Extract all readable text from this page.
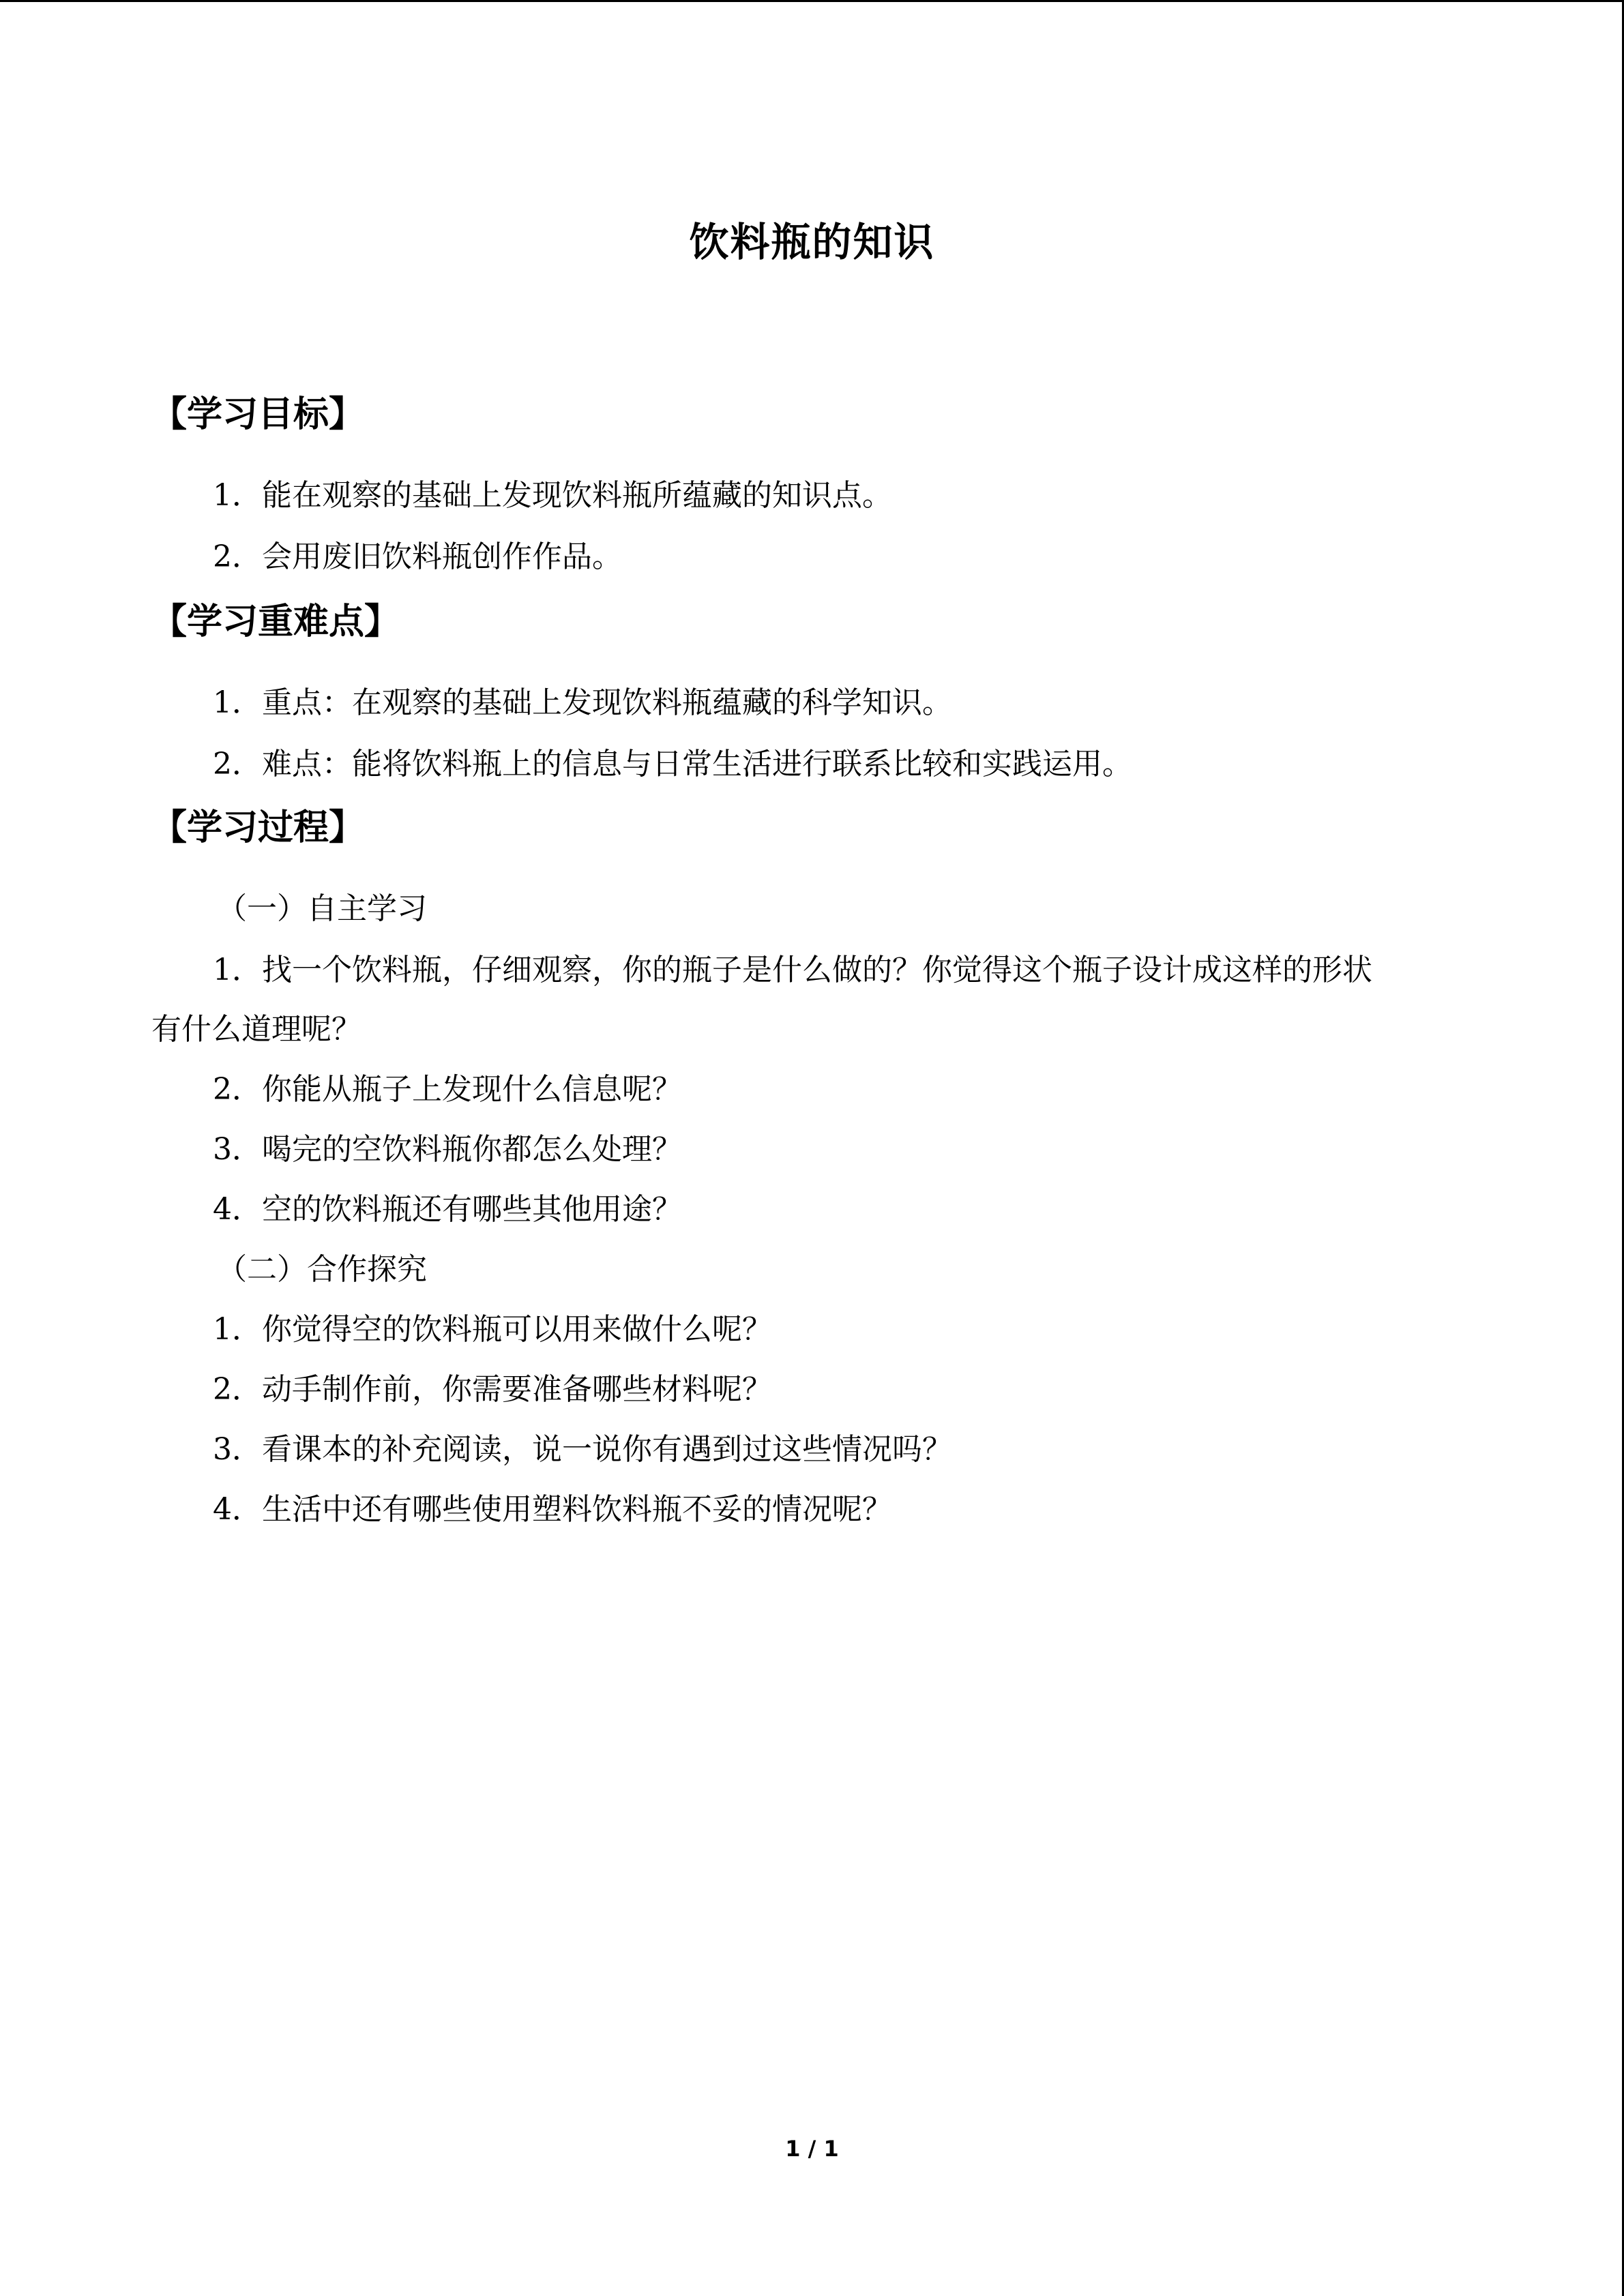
饮料瓶的知识
【学习目标】
1．能在观察的基础上发现饮料瓶所蕴藏的知识点。
2．会用废旧饮料瓶创作作品。
【学习重难点】
1．重点：在观察的基础上发现饮料瓶蕴藏的科学知识。
2．难点：能将饮料瓶上的信息与日常生活进行联系比较和实践运用。
【学习过程】
（一）自主学习
1．找一个饮料瓶，仔细观察，你的瓶子是什么做的？你觉得这个瓶子设计成这样的形状
有什么道理呢？
2．你能从瓶子上发现什么信息呢？
3．喝完的空饮料瓶你都怎么处理？
4．空的饮料瓶还有哪些其他用途？
（二）合作探究
1．你觉得空的饮料瓶可以用来做什么呢？
2．动手制作前，你需要准备哪些材料呢？
3．看课本的补充阅读，说一说你有遇到过这些情况吗？
4．生活中还有哪些使用塑料饮料瓶不妥的情况呢？
1 / 1
